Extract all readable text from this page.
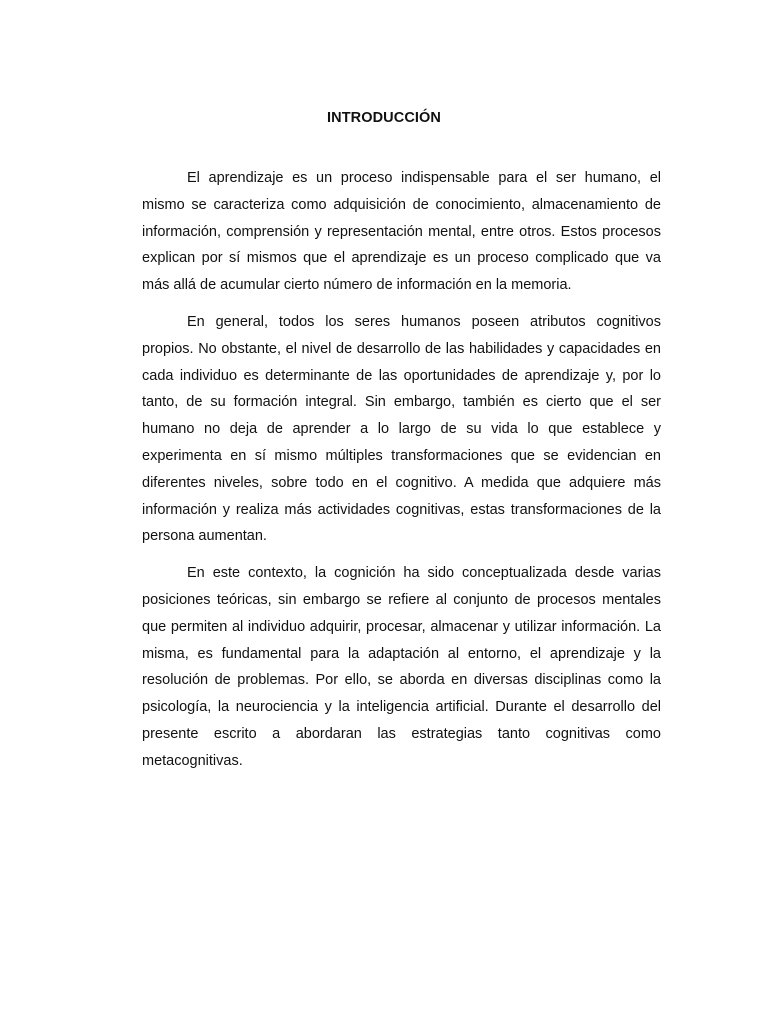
INTRODUCCIÓN

El aprendizaje es un proceso indispensable para el ser humano, el mismo se caracteriza como adquisición de conocimiento, almacenamiento de información, comprensión y representación mental, entre otros. Estos procesos explican por sí mismos que el aprendizaje es un proceso complicado que va más allá de acumular cierto número de información en la memoria.

En general, todos los seres humanos poseen atributos cognitivos propios. No obstante, el nivel de desarrollo de las habilidades y capacidades en cada individuo es determinante de las oportunidades de aprendizaje y, por lo tanto, de su formación integral. Sin embargo, también es cierto que el ser humano no deja de aprender a lo largo de su vida lo que establece y experimenta en sí mismo múltiples transformaciones que se evidencian en diferentes niveles, sobre todo en el cognitivo. A medida que adquiere más información y realiza más actividades cognitivas, estas transformaciones de la persona aumentan.

En este contexto, la cognición ha sido conceptualizada desde varias posiciones teóricas, sin embargo se refiere al conjunto de procesos mentales que permiten al individuo adquirir, procesar, almacenar y utilizar información. La misma, es fundamental para la adaptación al entorno, el aprendizaje y la resolución de problemas. Por ello, se aborda en diversas disciplinas como la psicología, la neurociencia y la inteligencia artificial. Durante el desarrollo del presente escrito a abordaran las estrategias tanto cognitivas como metacognitivas.
